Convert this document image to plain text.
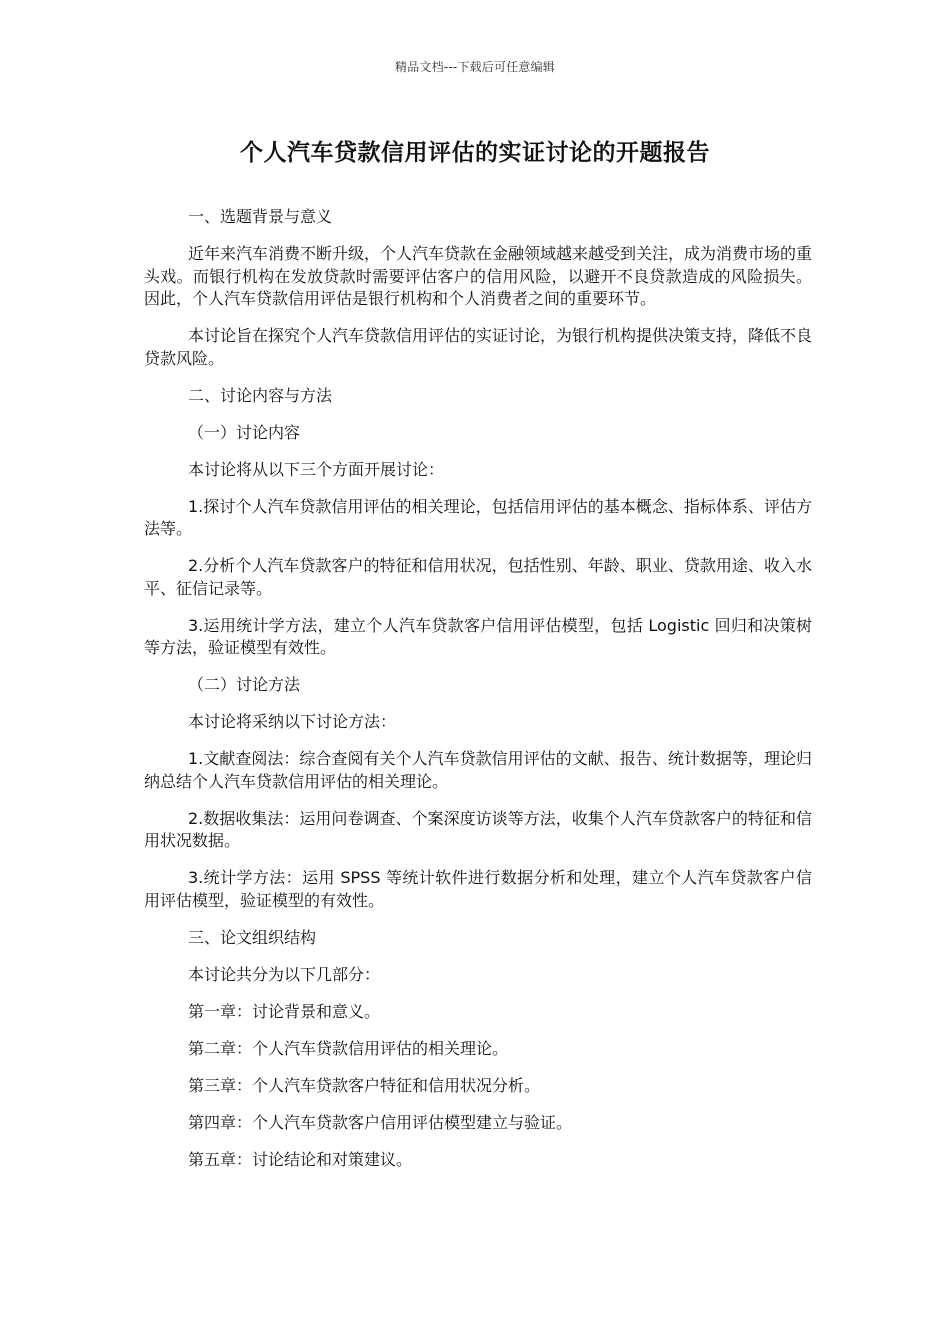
精品文档---下载后可任意编辑
个人汽车贷款信用评估的实证讨论的开题报告

一、选题背景与意义

近年来汽车消费不断升级，个人汽车贷款在金融领域越来越受到关注，成为消费市场的重头戏。而银行机构在发放贷款时需要评估客户的信用风险，以避开不良贷款造成的风险损失。因此，个人汽车贷款信用评估是银行机构和个人消费者之间的重要环节。

本讨论旨在探究个人汽车贷款信用评估的实证讨论，为银行机构提供决策支持，降低不良贷款风险。

二、讨论内容与方法

（一）讨论内容

本讨论将从以下三个方面开展讨论：

1.探讨个人汽车贷款信用评估的相关理论，包括信用评估的基本概念、指标体系、评估方法等。

2.分析个人汽车贷款客户的特征和信用状况，包括性别、年龄、职业、贷款用途、收入水平、征信记录等。

3.运用统计学方法，建立个人汽车贷款客户信用评估模型，包括 Logistic 回归和决策树等方法，验证模型有效性。

（二）讨论方法

本讨论将采纳以下讨论方法：

1.文献查阅法：综合查阅有关个人汽车贷款信用评估的文献、报告、统计数据等，理论归纳总结个人汽车贷款信用评估的相关理论。

2.数据收集法：运用问卷调查、个案深度访谈等方法，收集个人汽车贷款客户的特征和信用状况数据。

3.统计学方法：运用 SPSS 等统计软件进行数据分析和处理，建立个人汽车贷款客户信用评估模型，验证模型的有效性。

三、论文组织结构

本讨论共分为以下几部分：

第一章：讨论背景和意义。

第二章：个人汽车贷款信用评估的相关理论。

第三章：个人汽车贷款客户特征和信用状况分析。

第四章：个人汽车贷款客户信用评估模型建立与验证。

第五章：讨论结论和对策建议。
